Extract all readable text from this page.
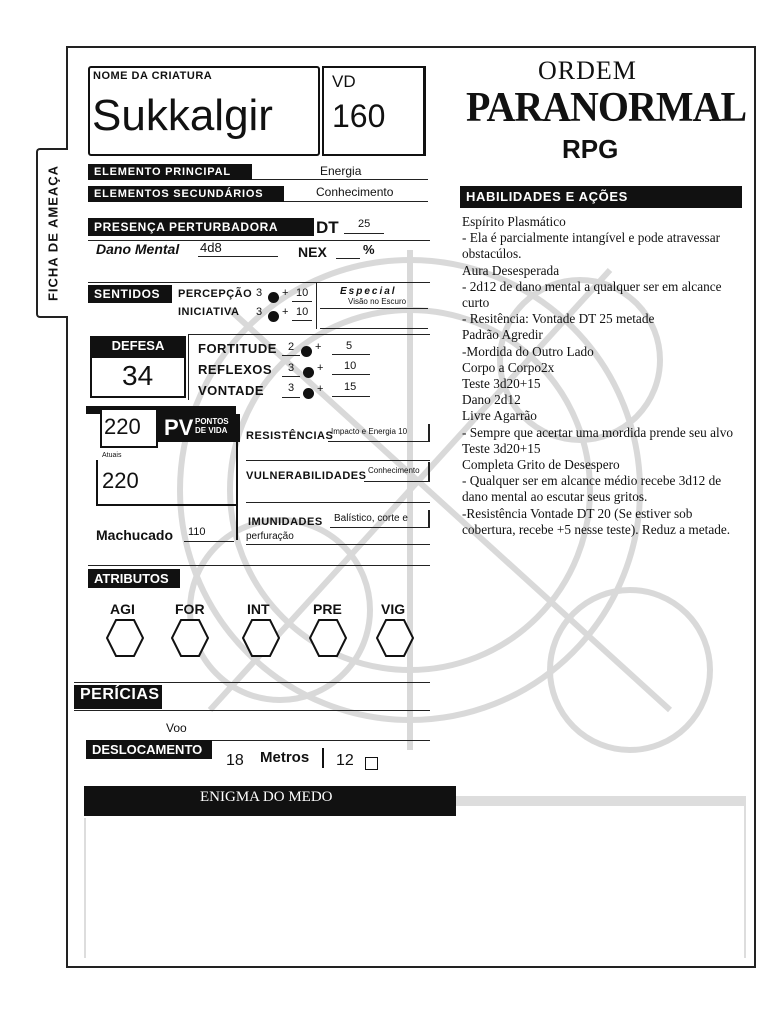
FICHA DE AMEAÇA
NOME DA CRIATURA
Sukkalgir
VD
160
ORDEM
PARANORMAL
RPG
ELEMENTO PRINCIPAL	Energia
ELEMENTOS SECUNDÁRIOS	Conhecimento
PRESENÇA PERTURBADORA	DT 25
Dano Mental 4d8	NEX	%
SENTIDOS	PERCEPÇÃO 3 + 10
INICIATIVA 3 + 10
Especial
Visão no Escuro
DEFESA
34
FORTITUDE 2 + 5
REFLEXOS 3 + 10
VONTADE 3 + 15
220 PV PONTOS
DE VIDA
Atuais
220
Machucado 110
RESISTÊNCIAS
Impacto e Energia 10
VULNERABILIDADES Conhecimento
IMUNIDADES Balístico, corte e
perfuração
ATRIBUTOS
AGI	FOR	INT	PRE	VIG
PERÍCIAS
Voo
DESLOCAMENTO
18 Metros 12
ENIGMA DO MEDO
HABILIDADES E AÇÕES
Espírito Plasmático
- Ela é parcialmente intangível e pode atravessar obstacúlos.
Aura Desesperada
- 2d12 de dano mental a qualquer ser em alcance curto
- Resitência: Vontade DT 25 metade
Padrão Agredir
-Mordida do Outro Lado
Corpo a Corpo2x
Teste 3d20+15
Dano 2d12
Livre Agarrão
- Sempre que acertar uma mordida prende seu alvo
Teste 3d20+15
Completa Grito de Desespero
- Qualquer ser em alcance médio recebe 3d12 de dano mental ao escutar seus gritos.
-Resistência Vontade DT 20 (Se estiver sob cobertura, recebe +5 nesse teste). Reduz a metade.
